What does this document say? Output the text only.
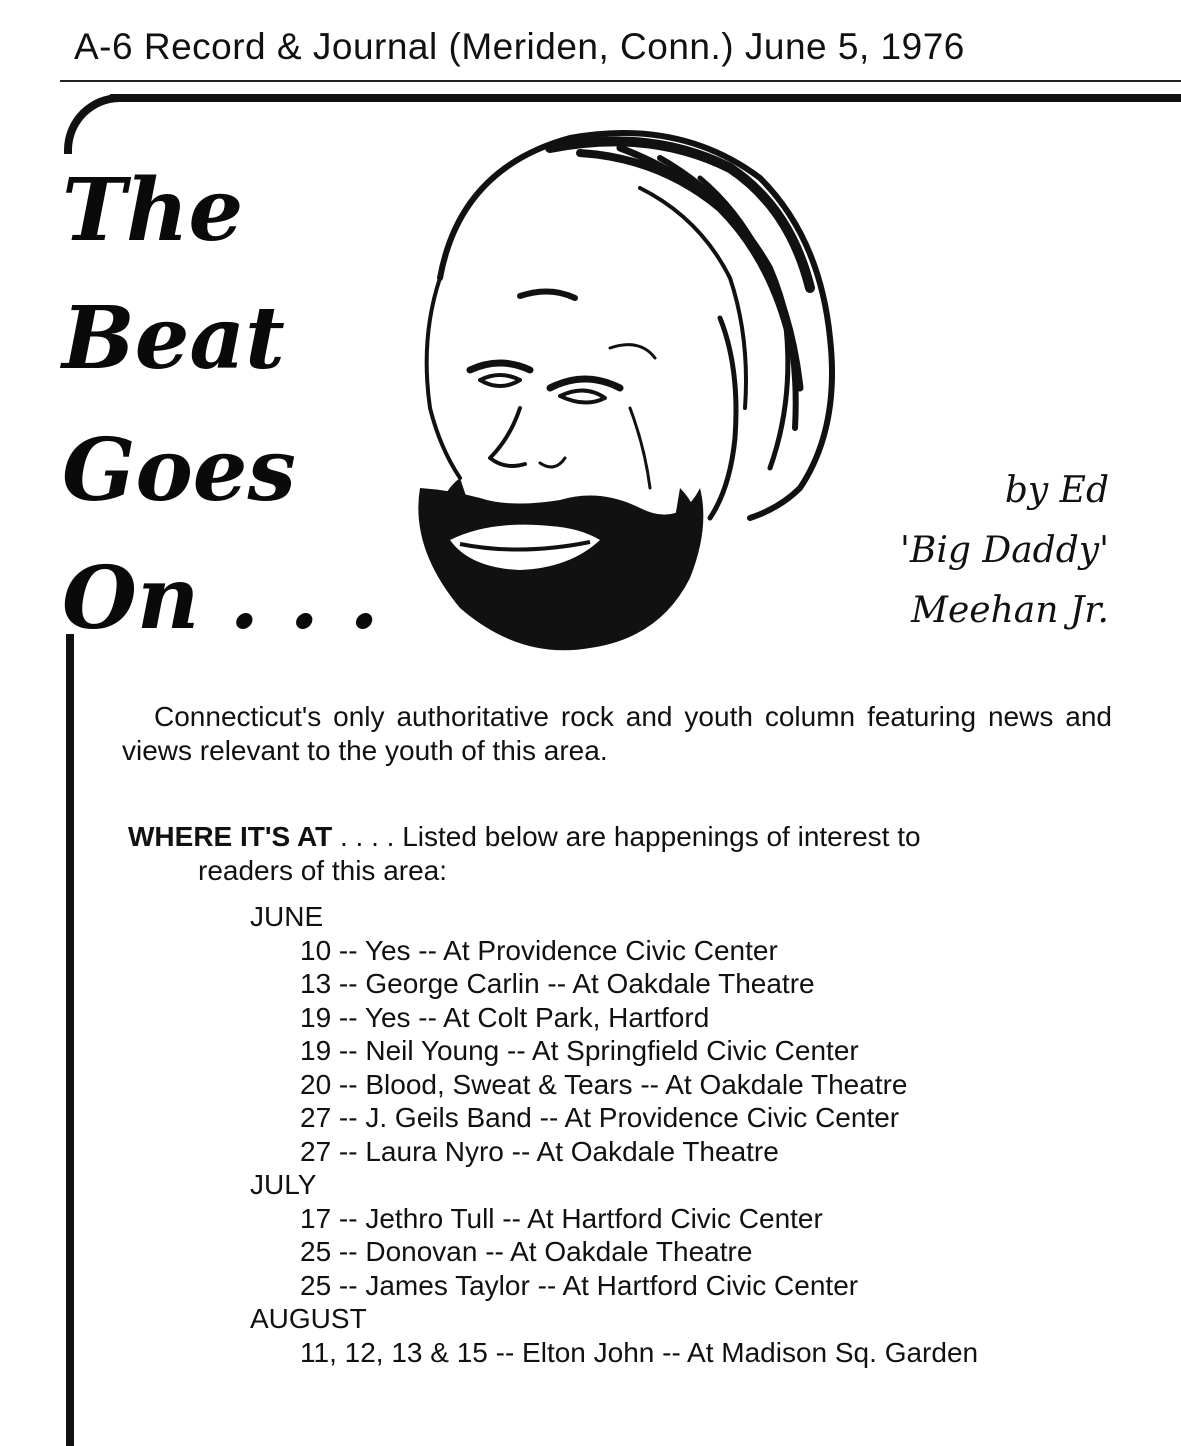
A-6 Record & Journal (Meriden, Conn.) June 5, 1976
The
Beat
Goes
On . . .
by Ed
'Big Daddy'
Meehan Jr.
Connecticut's only authoritative rock and youth column featuring news and views relevant to the youth of this area.
WHERE IT'S AT . . . . Listed below are happenings of interest to
readers of this area:
JUNE
10 -- Yes -- At Providence Civic Center
13 -- George Carlin -- At Oakdale Theatre
19 -- Yes -- At Colt Park, Hartford
19 -- Neil Young -- At Springfield Civic Center
20 -- Blood, Sweat & Tears -- At Oakdale Theatre
27 -- J. Geils Band -- At Providence Civic Center
27 -- Laura Nyro -- At Oakdale Theatre
JULY
17 -- Jethro Tull -- At Hartford Civic Center
25 -- Donovan -- At Oakdale Theatre
25 -- James Taylor -- At Hartford Civic Center
AUGUST
11, 12, 13 & 15 -- Elton John -- At Madison Sq. Garden
